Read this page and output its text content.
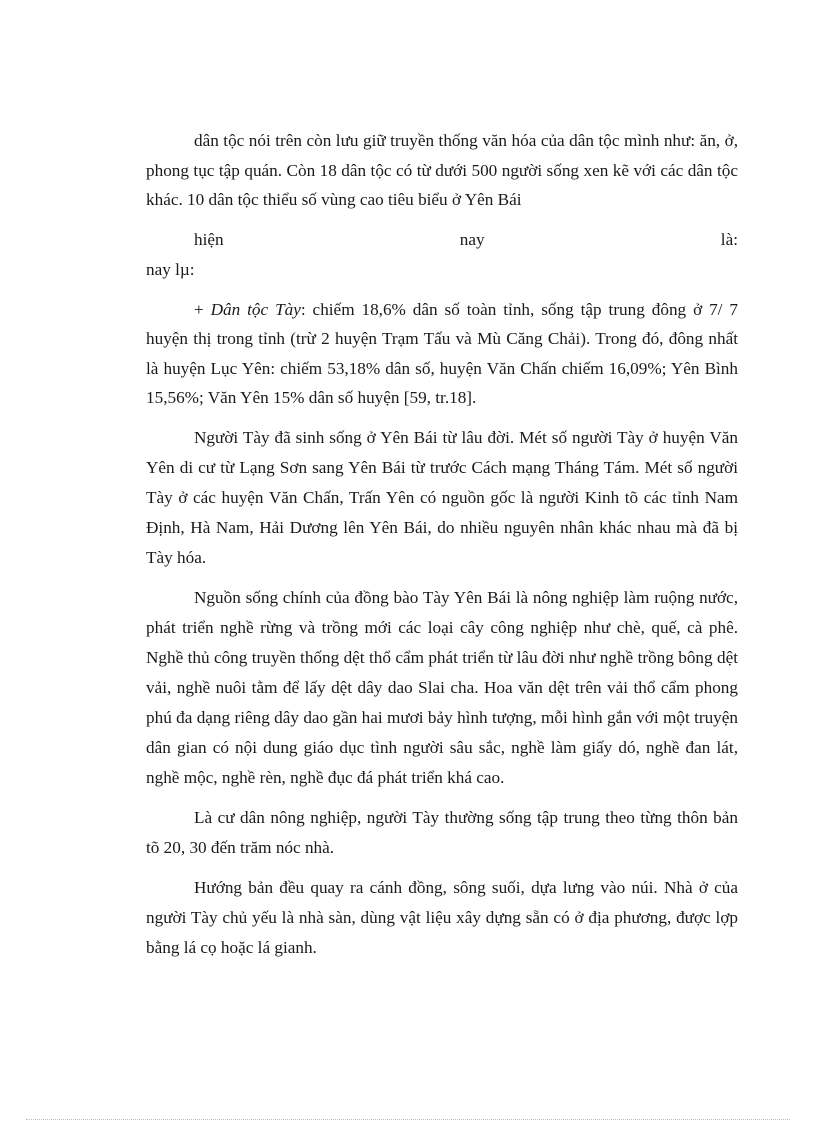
dân tộc nói trên còn lưu giữ truyền thống văn hóa của dân tộc mình như: ăn, ở, phong tục tập quán. Còn 18 dân tộc có từ dưới 500 người sống xen kẽ với các dân tộc khác. 10 dân tộc thiểu số vùng cao tiêu biểu ở Yên Bái

hiện	nay	là:

nay lµ:

+ Dân tộc Tày: chiếm 18,6% dân số toàn tỉnh, sống tập trung đông ở 7/ 7 huyện thị trong tỉnh (trừ 2 huyện Trạm Tấu và Mù Căng Chải). Trong đó, đông nhất là huyện Lục Yên: chiếm 53,18% dân số, huyện Văn Chấn chiếm 16,09%; Yên Bình 15,56%; Văn Yên 15% dân số huyện [59, tr.18].

Người Tày đã sinh sống ở Yên Bái từ lâu đời. Mét số người Tày ở huyện Văn Yên di cư từ Lạng Sơn sang Yên Bái từ trước Cách mạng Tháng Tám. Mét số người Tày ở các huyện Văn Chấn, Trấn Yên có nguồn gốc là người Kinh tõ các tỉnh Nam Định, Hà Nam, Hải Dương lên Yên Bái, do nhiều nguyên nhân khác nhau mà đã bị Tày hóa.

Nguồn sống chính của đồng bào Tày Yên Bái là nông nghiệp làm ruộng nước, phát triển nghề rừng và trồng mới các loại cây công nghiệp như chè, quế, cà phê. Nghề thủ công truyền thống dệt thổ cẩm phát triển từ lâu đời như nghề trồng bông dệt vải, nghề nuôi tằm để lấy dệt dây dao Slai cha. Hoa văn dệt trên vải thổ cẩm phong phú đa dạng riêng dây dao gần hai mươi bảy hình tượng, mỗi hình gắn với một truyện dân gian có nội dung giáo dục tình người sâu sắc, nghề làm giấy dó, nghề đan lát, nghề mộc, nghề rèn, nghề đục đá phát triển khá cao.

Là cư dân nông nghiệp, người Tày thường sống tập trung theo từng thôn bản tõ 20, 30 đến trăm nóc nhà.

Hướng bản đều quay ra cánh đồng, sông suối, dựa lưng vào núi. Nhà ở của người Tày chủ yếu là nhà sàn, dùng vật liệu xây dựng sẵn có ở địa phương, được lợp bằng lá cọ hoặc lá gianh.
